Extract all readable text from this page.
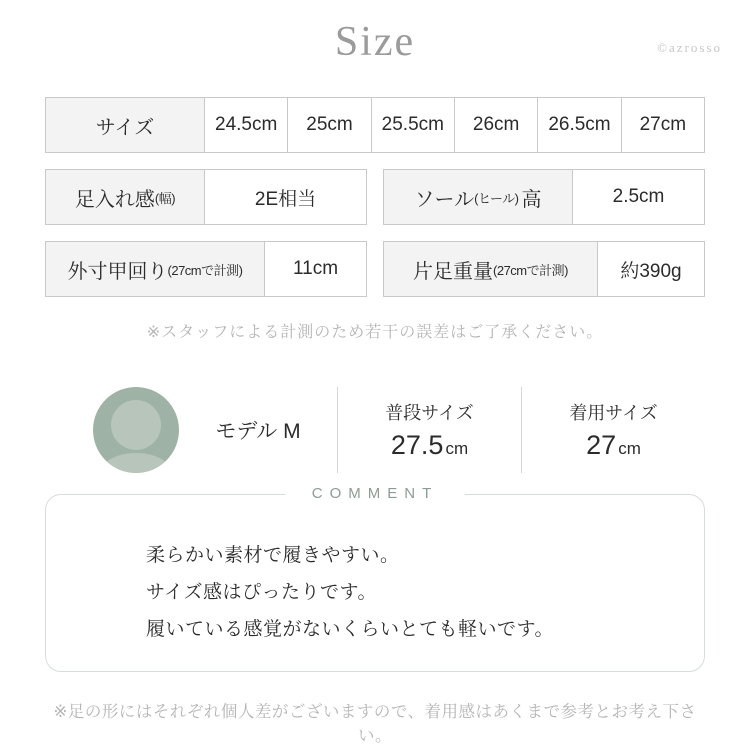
Size	©azrosso
サイズ	24.5cm	25cm	25.5cm	26cm	26.5cm	27cm
足入れ感 (幅)	2E相当	ソール (ヒール) 高	2.5cm
外寸甲回り (27cmで計測)	11cm	片足重量 (27cmで計測)	約390g
※スタッフによる計測のため若干の誤差はご了承ください。
モデル M
普段サイズ
27.5 cm
着用サイズ
27 cm
COMMENT
柔らかい素材で履きやすい。
サイズ感はぴったりです。
履いている感覚がないくらいとても軽いです。
※足の形にはそれぞれ個人差がございますので、着用感はあくまで参考とお考え下さい。
